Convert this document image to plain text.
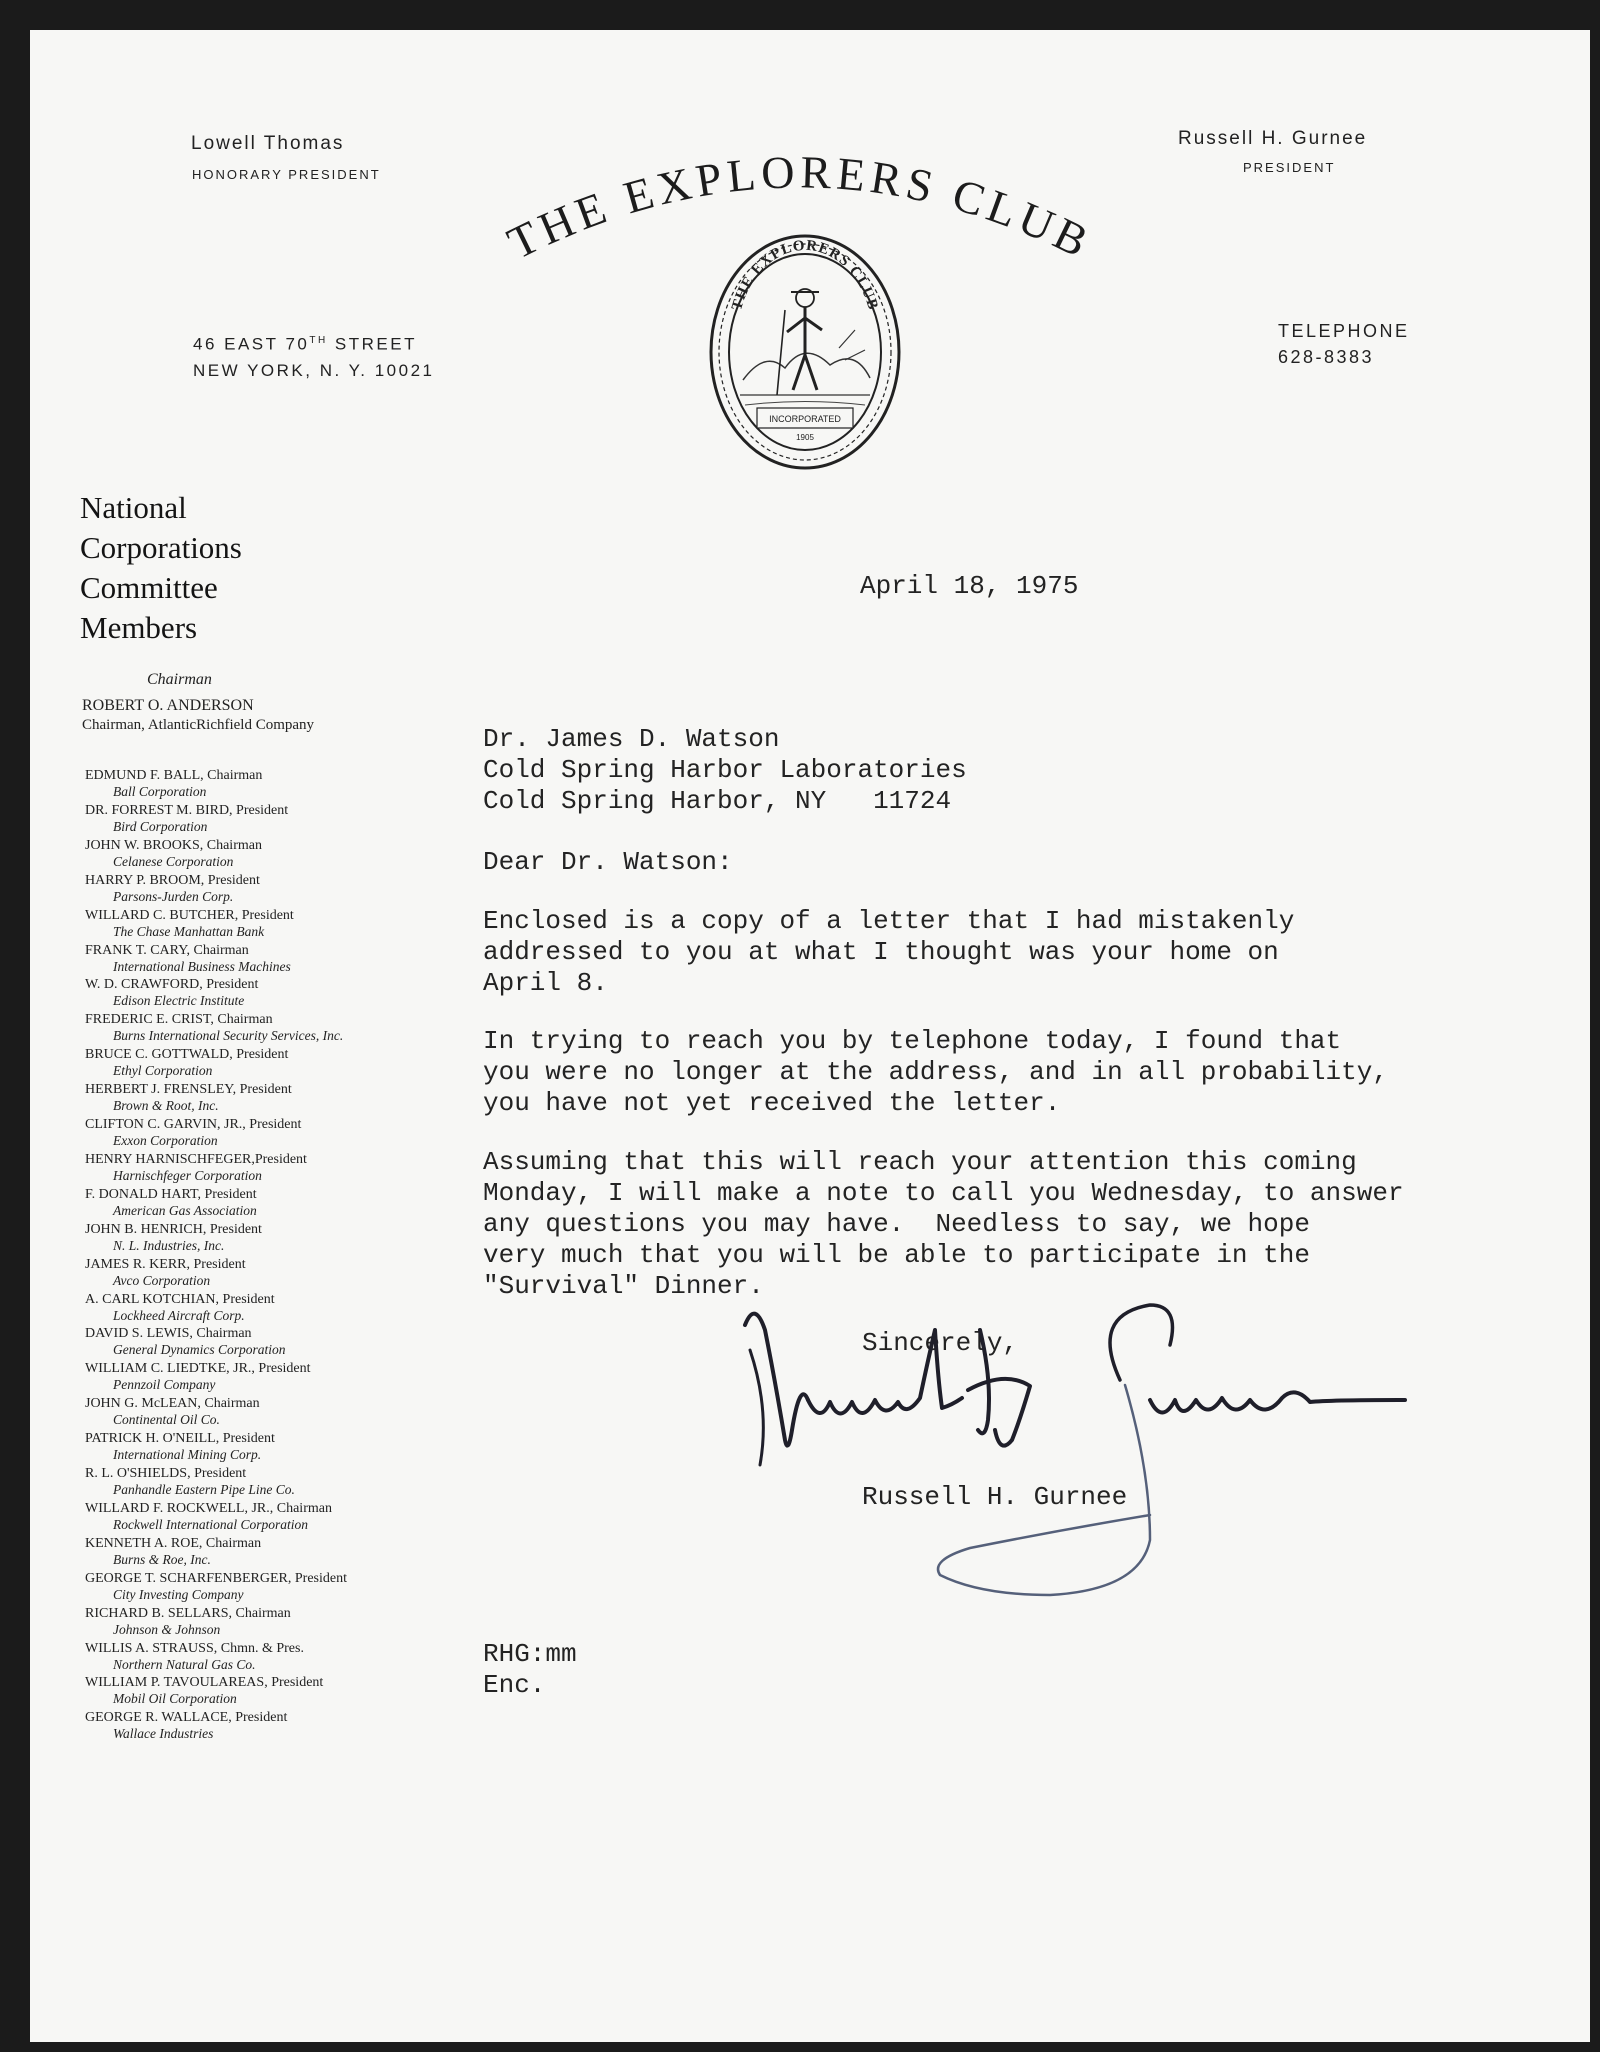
Lowell Thomas
HONORARY PRESIDENT
Russell H. Gurnee
PRESIDENT
46 EAST 70TH STREET
NEW YORK, N. Y. 10021
TELEPHONE
628-8383
THE EXPLORERS CLUB
THE EXPLORERS CLUB
INCORPORATED
1905
National
Corporations
Committee
Members
Chairman
ROBERT O. ANDERSON
Chairman, AtlanticRichfield Company
EDMUND F. BALL, Chairman
Ball Corporation
DR. FORREST M. BIRD, President
Bird Corporation
JOHN W. BROOKS, Chairman
Celanese Corporation
HARRY P. BROOM, President
Parsons-Jurden Corp.
WILLARD C. BUTCHER, President
The Chase Manhattan Bank
FRANK T. CARY, Chairman
International Business Machines
W. D. CRAWFORD, President
Edison Electric Institute
FREDERIC E. CRIST, Chairman
Burns International Security Services, Inc.
BRUCE C. GOTTWALD, President
Ethyl Corporation
HERBERT J. FRENSLEY, President
Brown & Root, Inc.
CLIFTON C. GARVIN, JR., President
Exxon Corporation
HENRY HARNISCHFEGER,President
Harnischfeger Corporation
F. DONALD HART, President
American Gas Association
JOHN B. HENRICH, President
N. L. Industries, Inc.
JAMES R. KERR, President
Avco Corporation
A. CARL KOTCHIAN, President
Lockheed Aircraft Corp.
DAVID S. LEWIS, Chairman
General Dynamics Corporation
WILLIAM C. LIEDTKE, JR., President
Pennzoil Company
JOHN G. McLEAN, Chairman
Continental Oil Co.
PATRICK H. O'NEILL, President
International Mining Corp.
R. L. O'SHIELDS, President
Panhandle Eastern Pipe Line Co.
WILLARD F. ROCKWELL, JR., Chairman
Rockwell International Corporation
KENNETH A. ROE, Chairman
Burns & Roe, Inc.
GEORGE T. SCHARFENBERGER, President
City Investing Company
RICHARD B. SELLARS, Chairman
Johnson & Johnson
WILLIS A. STRAUSS, Chmn. & Pres.
Northern Natural Gas Co.
WILLIAM P. TAVOULAREAS, President
Mobil Oil Corporation
GEORGE R. WALLACE, President
Wallace Industries
April 18, 1975
Dr. James D. Watson
Cold Spring Harbor Laboratories
Cold Spring Harbor, NY   11724
Dear Dr. Watson:
Enclosed is a copy of a letter that I had mistakenly
addressed to you at what I thought was your home on
April 8.
In trying to reach you by telephone today, I found that
you were no longer at the address, and in all probability,
you have not yet received the letter.
Assuming that this will reach your attention this coming
Monday, I will make a note to call you Wednesday, to answer
any questions you may have.  Needless to say, we hope
very much that you will be able to participate in the
"Survival" Dinner.
Sincerely,
Russell H. Gurnee
RHG:mm
Enc.
